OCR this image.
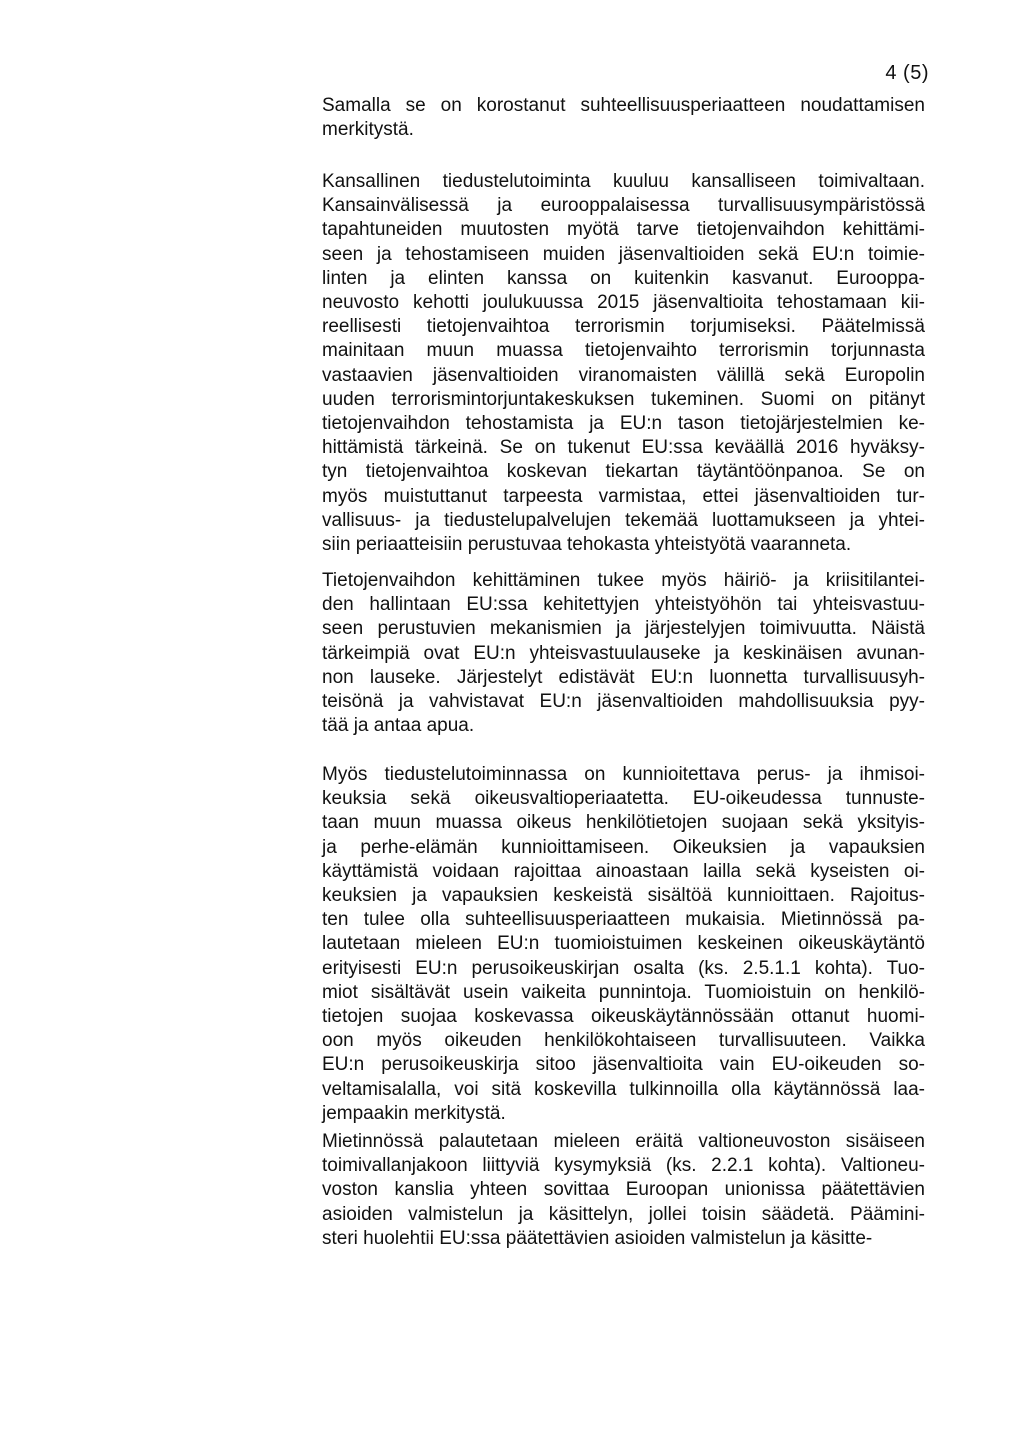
4 (5)
Samalla se on korostanut suhteellisuusperiaatteen noudattamisen
merkitystä.
Kansallinen tiedustelutoiminta kuuluu kansalliseen toimivaltaan.
Kansainvälisessä ja eurooppalaisessa turvallisuusympäristössä
tapahtuneiden muutosten myötä tarve tietojenvaihdon kehittämi-
seen ja tehostamiseen muiden jäsenvaltioiden sekä EU:n toimie-
linten ja elinten kanssa on kuitenkin kasvanut. Eurooppa-
neuvosto kehotti joulukuussa 2015 jäsenvaltioita tehostamaan kii-
reellisesti tietojenvaihtoa terrorismin torjumiseksi. Päätelmissä
mainitaan muun muassa tietojenvaihto terrorismin torjunnasta
vastaavien jäsenvaltioiden viranomaisten välillä sekä Europolin
uuden terrorismintorjuntakeskuksen tukeminen. Suomi on pitänyt
tietojenvaihdon tehostamista ja EU:n tason tietojärjestelmien ke-
hittämistä tärkeinä. Se on tukenut EU:ssa keväällä 2016 hyväksy-
tyn tietojenvaihtoa koskevan tiekartan täytäntöönpanoa. Se on
myös muistuttanut tarpeesta varmistaa, ettei jäsenvaltioiden tur-
vallisuus- ja tiedustelupalvelujen tekemää luottamukseen ja yhtei-
siin periaatteisiin perustuvaa tehokasta yhteistyötä vaaranneta.
Tietojenvaihdon kehittäminen tukee myös häiriö- ja kriisitilantei-
den hallintaan EU:ssa kehitettyjen yhteistyöhön tai yhteisvastuu-
seen perustuvien mekanismien ja järjestelyjen toimivuutta. Näistä
tärkeimpiä ovat EU:n yhteisvastuulauseke ja keskinäisen avunan-
non lauseke. Järjestelyt edistävät EU:n luonnetta turvallisuusyh-
teisönä ja vahvistavat EU:n jäsenvaltioiden mahdollisuuksia pyy-
tää ja antaa apua.
Myös tiedustelutoiminnassa on kunnioitettava perus- ja ihmisoi-
keuksia sekä oikeusvaltioperiaatetta. EU-oikeudessa tunnuste-
taan muun muassa oikeus henkilötietojen suojaan sekä yksityis-
ja perhe-elämän kunnioittamiseen. Oikeuksien ja vapauksien
käyttämistä voidaan rajoittaa ainoastaan lailla sekä kyseisten oi-
keuksien ja vapauksien keskeistä sisältöä kunnioittaen. Rajoitus-
ten tulee olla suhteellisuusperiaatteen mukaisia. Mietinnössä pa-
lautetaan mieleen EU:n tuomioistuimen keskeinen oikeuskäytäntö
erityisesti EU:n perusoikeuskirjan osalta (ks. 2.5.1.1 kohta). Tuo-
miot sisältävät usein vaikeita punnintoja. Tuomioistuin on henkilö-
tietojen suojaa koskevassa oikeuskäytännössään ottanut huomi-
oon myös oikeuden henkilökohtaiseen turvallisuuteen. Vaikka
EU:n perusoikeuskirja sitoo jäsenvaltioita vain EU-oikeuden so-
veltamisalalla, voi sitä koskevilla tulkinnoilla olla käytännössä laa-
jempaakin merkitystä.
Mietinnössä palautetaan mieleen eräitä valtioneuvoston sisäiseen
toimivallanjakoon liittyviä kysymyksiä (ks. 2.2.1 kohta). Valtioneu-
voston kanslia yhteen sovittaa Euroopan unionissa päätettävien
asioiden valmistelun ja käsittelyn, jollei toisin säädetä. Päämini-
steri huolehtii EU:ssa päätettävien asioiden valmistelun ja käsitte-
